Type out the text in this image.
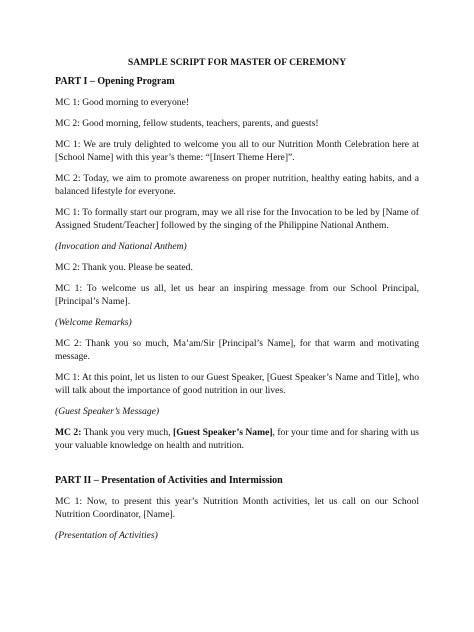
SAMPLE SCRIPT FOR MASTER OF CEREMONY
PART I – Opening Program
MC 1: Good morning to everyone!
MC 2: Good morning, fellow students, teachers, parents, and guests!
MC 1: We are truly delighted to welcome you all to our Nutrition Month Celebration here at [School Name] with this year’s theme: “[Insert Theme Here]”.
MC 2: Today, we aim to promote awareness on proper nutrition, healthy eating habits, and a balanced lifestyle for everyone.
MC 1: To formally start our program, may we all rise for the Invocation to be led by [Name of Assigned Student/Teacher] followed by the singing of the Philippine National Anthem.
(Invocation and National Anthem)
MC 2: Thank you. Please be seated.
MC 1: To welcome us all, let us hear an inspiring message from our School Principal, [Principal’s Name].
(Welcome Remarks)
MC 2: Thank you so much, Ma’am/Sir [Principal’s Name], for that warm and motivating message.
MC 1: At this point, let us listen to our Guest Speaker, [Guest Speaker’s Name and Title], who will talk about the importance of good nutrition in our lives.
(Guest Speaker’s Message)
MC 2: Thank you very much, [Guest Speaker’s Name], for your time and for sharing with us your valuable knowledge on health and nutrition.
PART II – Presentation of Activities and Intermission
MC 1: Now, to present this year’s Nutrition Month activities, let us call on our School Nutrition Coordinator, [Name].
(Presentation of Activities)
